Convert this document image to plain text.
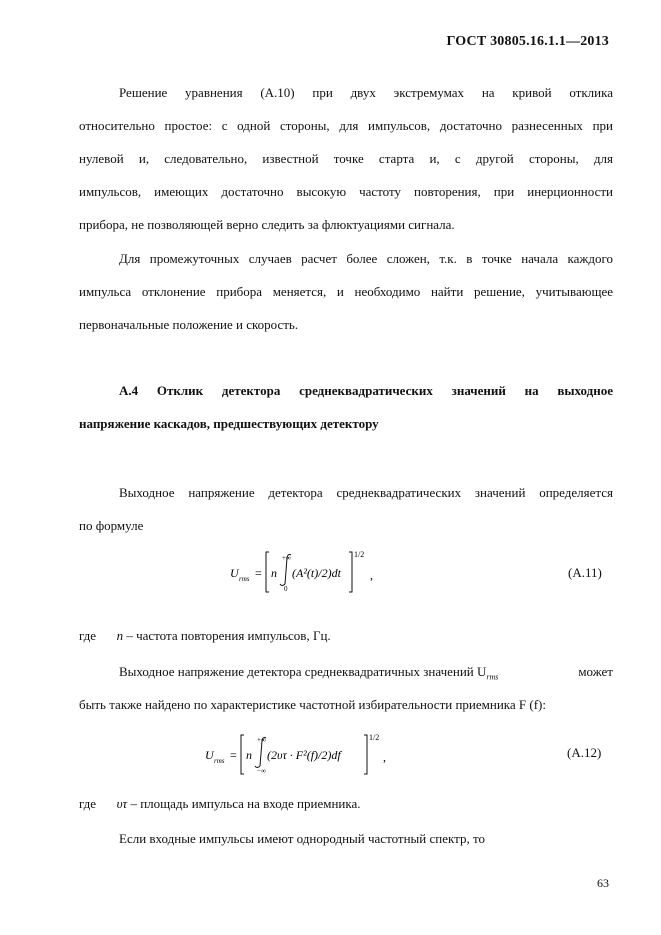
ГОСТ 30805.16.1.1—2013
Решение уравнения (А.10) при двух экстремумах на кривой отклика
относительно простое: с одной стороны, для импульсов, достаточно разнесенных при
нулевой и, следовательно, известной точке старта и, с другой стороны, для
импульсов, имеющих достаточно высокую частоту повторения, при инерционности
прибора, не позволяющей верно следить за флюктуациями сигнала.
Для промежуточных случаев расчет более сложен, т.к. в точке начала каждого
импульса отклонение прибора меняется, и необходимо найти решение, учитывающее
первоначальные положение и скорость.
А.4 Отклик детектора среднеквадратических значений на выходное
напряжение каскадов, предшествующих детектору
Выходное напряжение детектора среднеквадратических значений определяется
по формуле
U rms = n
+∞
0
(A²(t)/2)dt
1/2
,	(А.11)
где n – частота повторения импульсов, Гц.
Выходное напряжение детектора среднеквадратичных значений $U_{rms}$	может
быть также найдено по характеристике частотной избирательности приемника F (f):
U rms = n
+∞
−∞
(2υτ · F²(f)/2)df
1/2
,	(А.12)
где υτ – площадь импульса на входе приемника.
Если входные импульсы имеют однородный частотный спектр, то
63
